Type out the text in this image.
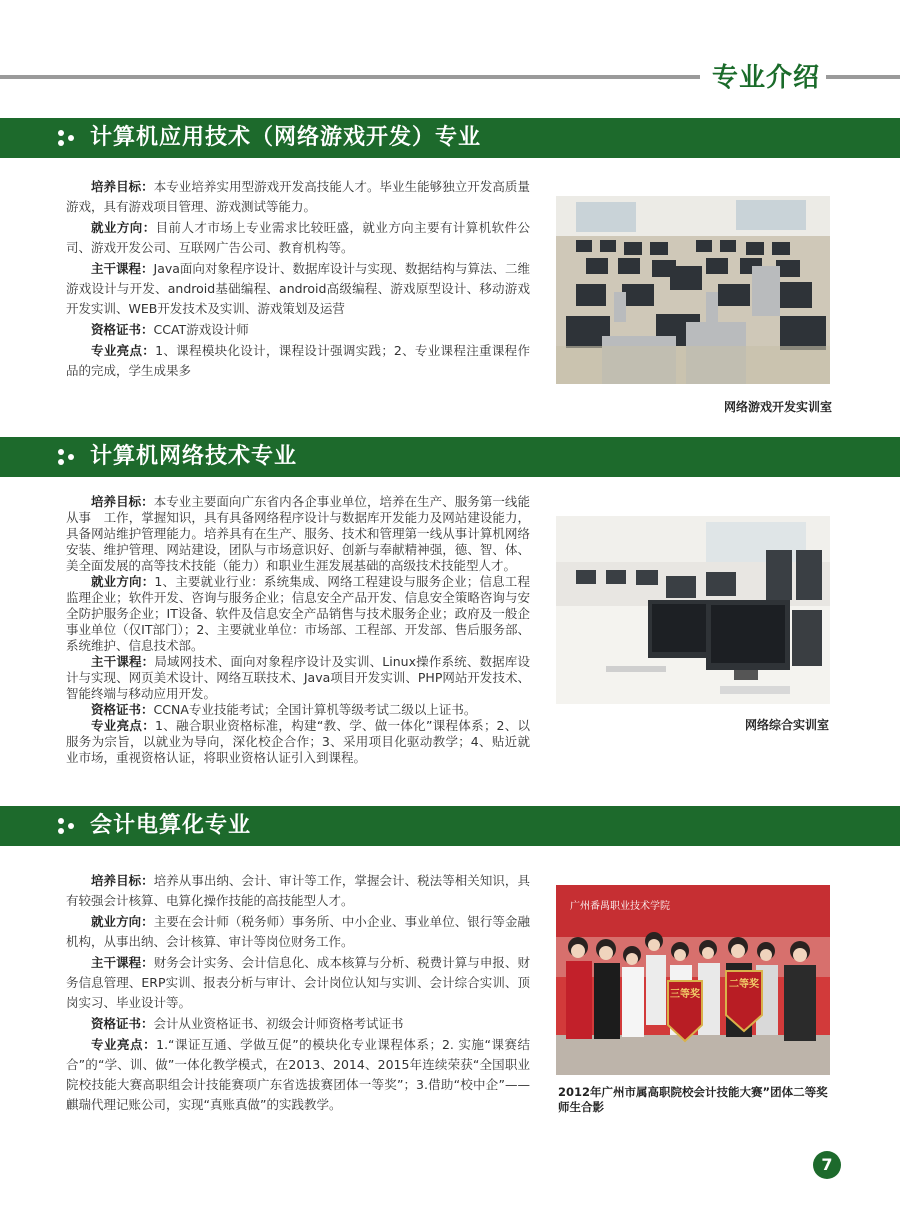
专业介绍
计算机应用技术（网络游戏开发）专业

培养目标：本专业培养实用型游戏开发高技能人才。毕业生能够独立开发高质量游戏，具有游戏项目管理、游戏测试等能力。

就业方向：目前人才市场上专业需求比较旺盛，就业方向主要有计算机软件公司、游戏开发公司、互联网广告公司、教育机构等。

主干课程：Java面向对象程序设计、数据库设计与实现、数据结构与算法、二维游戏设计与开发、android基础编程、android高级编程、游戏原型设计、移动游戏开发实训、WEB开发技术及实训、游戏策划及运营

资格证书：CCAT游戏设计师

专业亮点：1、课程模块化设计，课程设计强调实践；2、专业课程注重课程作品的完成，学生成果多

网络游戏开发实训室
计算机网络技术专业

培养目标：本专业主要面向广东省内各企事业单位，培养在生产、服务第一线能从事　工作，掌握知识，具有具备网络程序设计与数据库开发能力及网站建设能力，具备网站维护管理能力。培养具有在生产、服务、技术和管理第一线从事计算机网络安装、维护管理、网站建设，团队与市场意识好、创新与奉献精神强，德、智、体、美全面发展的高等技术技能（能力）和职业生涯发展基础的高级技术技能型人才。

就业方向：1、主要就业行业：系统集成、网络工程建设与服务企业；信息工程监理企业；软件开发、咨询与服务企业；信息安全产品开发、信息安全策略咨询与安全防护服务企业；IT设备、软件及信息安全产品销售与技术服务企业；政府及一般企事业单位（仅IT部门）；2、主要就业单位：市场部、工程部、开发部、售后服务部、系统维护、信息技术部。

主干课程：局域网技术、面向对象程序设计及实训、Linux操作系统、数据库设计与实现、网页美术设计、网络互联技术、Java项目开发实训、PHP网站开发技术、智能终端与移动应用开发。

资格证书：CCNA专业技能考试；全国计算机等级考试二级以上证书。

专业亮点：1、融合职业资格标准，构建“教、学、做一体化”课程体系；2、以服务为宗旨，以就业为导向，深化校企合作；3、采用项目化驱动教学；4、贴近就业市场，重视资格认证，将职业资格认证引入到课程。

网络综合实训室
会计电算化专业

培养目标：培养从事出纳、会计、审计等工作，掌握会计、税法等相关知识，具有较强会计核算、电算化操作技能的高技能型人才。

就业方向：主要在会计师（税务师）事务所、中小企业、事业单位、银行等金融机构，从事出纳、会计核算、审计等岗位财务工作。

主干课程：财务会计实务、会计信息化、成本核算与分析、税费计算与申报、财务信息管理、ERP实训、报表分析与审计、会计岗位认知与实训、会计综合实训、顶岗实习、毕业设计等。

资格证书：会计从业资格证书、初级会计师资格考试证书

专业亮点：1.“课证互通、学做互促”的模块化专业课程体系；2. 实施“课赛结合”的“学、训、做”一体化教学模式，在2013、2014、2015年连续荣获“全国职业院校技能大赛高职组会计技能赛项广东省选拔赛团体一等奖”；3.借助“校中企”——麒瑞代理记账公司，实现“真账真做”的实践教学。

广州番禺职业技术学院
三等奖
二等奖
2012年广州市属高职院校会计技能大赛”团体二等奖师生合影
7
